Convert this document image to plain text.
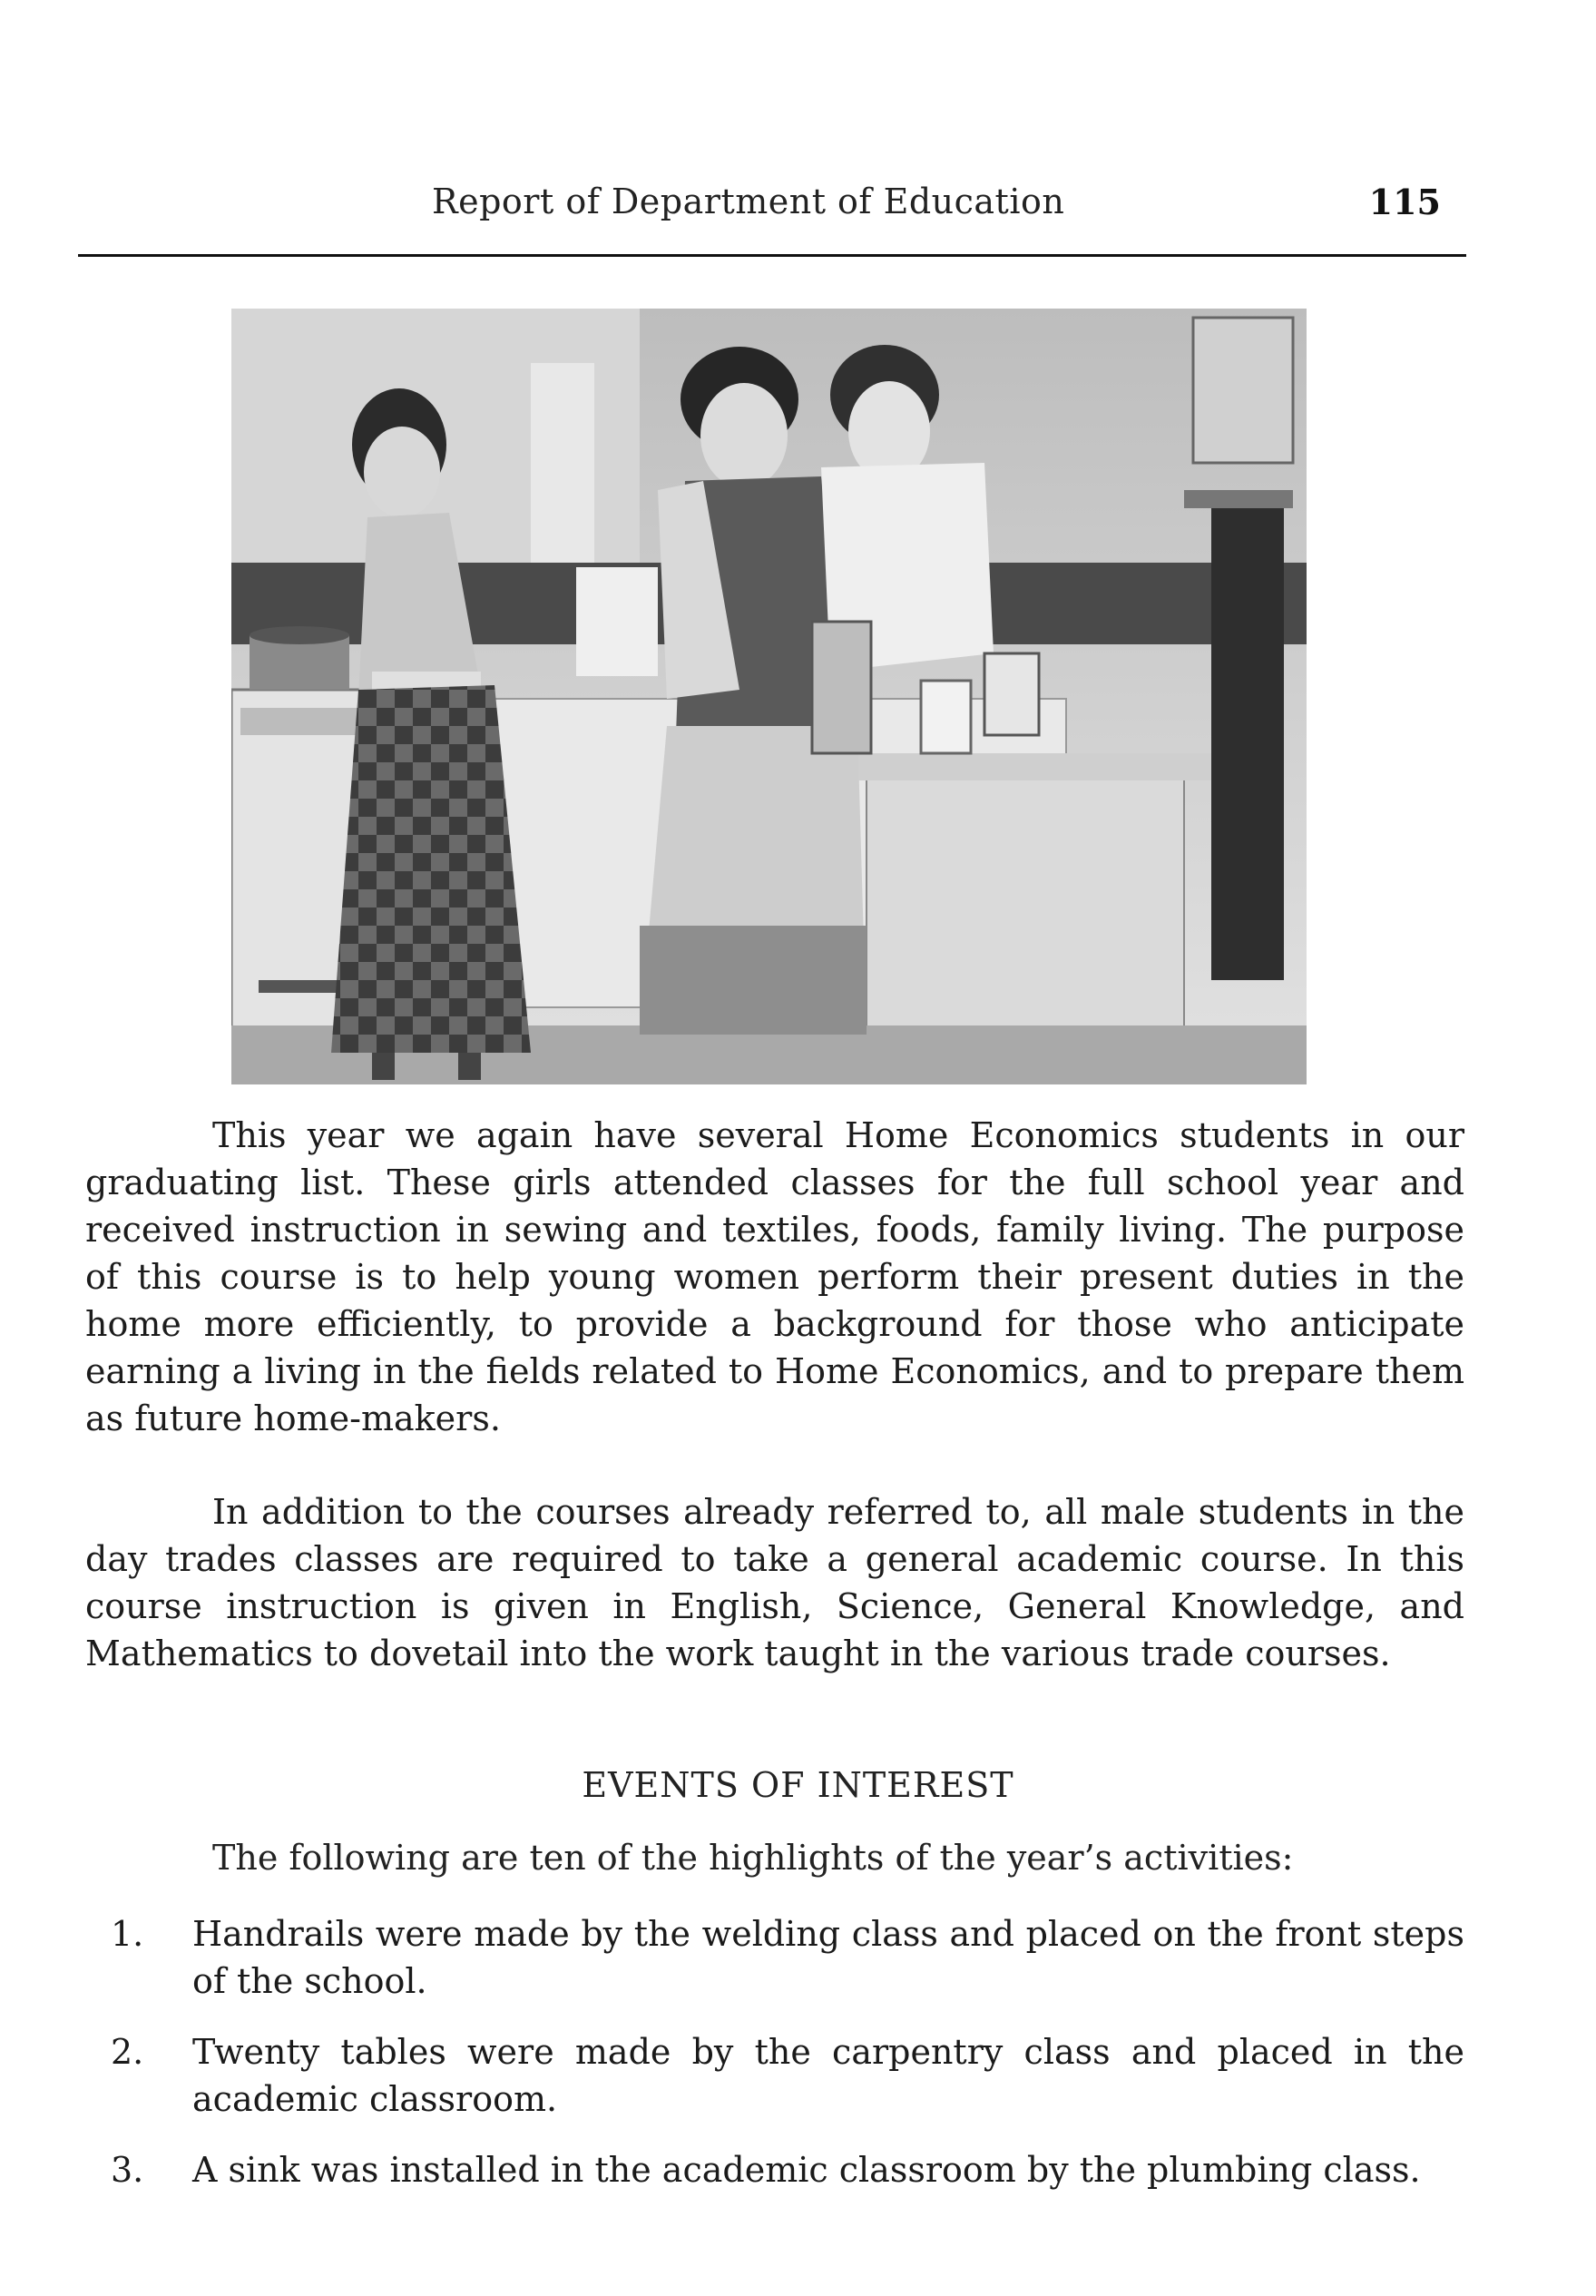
Report of Department of Education	115

This year we again have several Home Economics students in our graduating list. These girls attended classes for the full school year and received instruction in sewing and textiles, foods, family living. The purpose of this course is to help young women perform their present duties in the home more efficiently, to provide a background for those who anticipate earning a living in the fields related to Home Economics, and to prepare them as future home-makers.

In addition to the courses already referred to, all male students in the day trades classes are required to take a general academic course. In this course instruction is given in English, Science, General Knowledge, and Mathematics to dovetail into the work taught in the various trade courses.

EVENTS OF INTEREST
The following are ten of the highlights of the year’s activities:
1. Handrails were made by the welding class and placed on the front steps of the school.
2. Twenty tables were made by the carpentry class and placed in the academic classroom.
3. A sink was installed in the academic classroom by the plumbing class.
